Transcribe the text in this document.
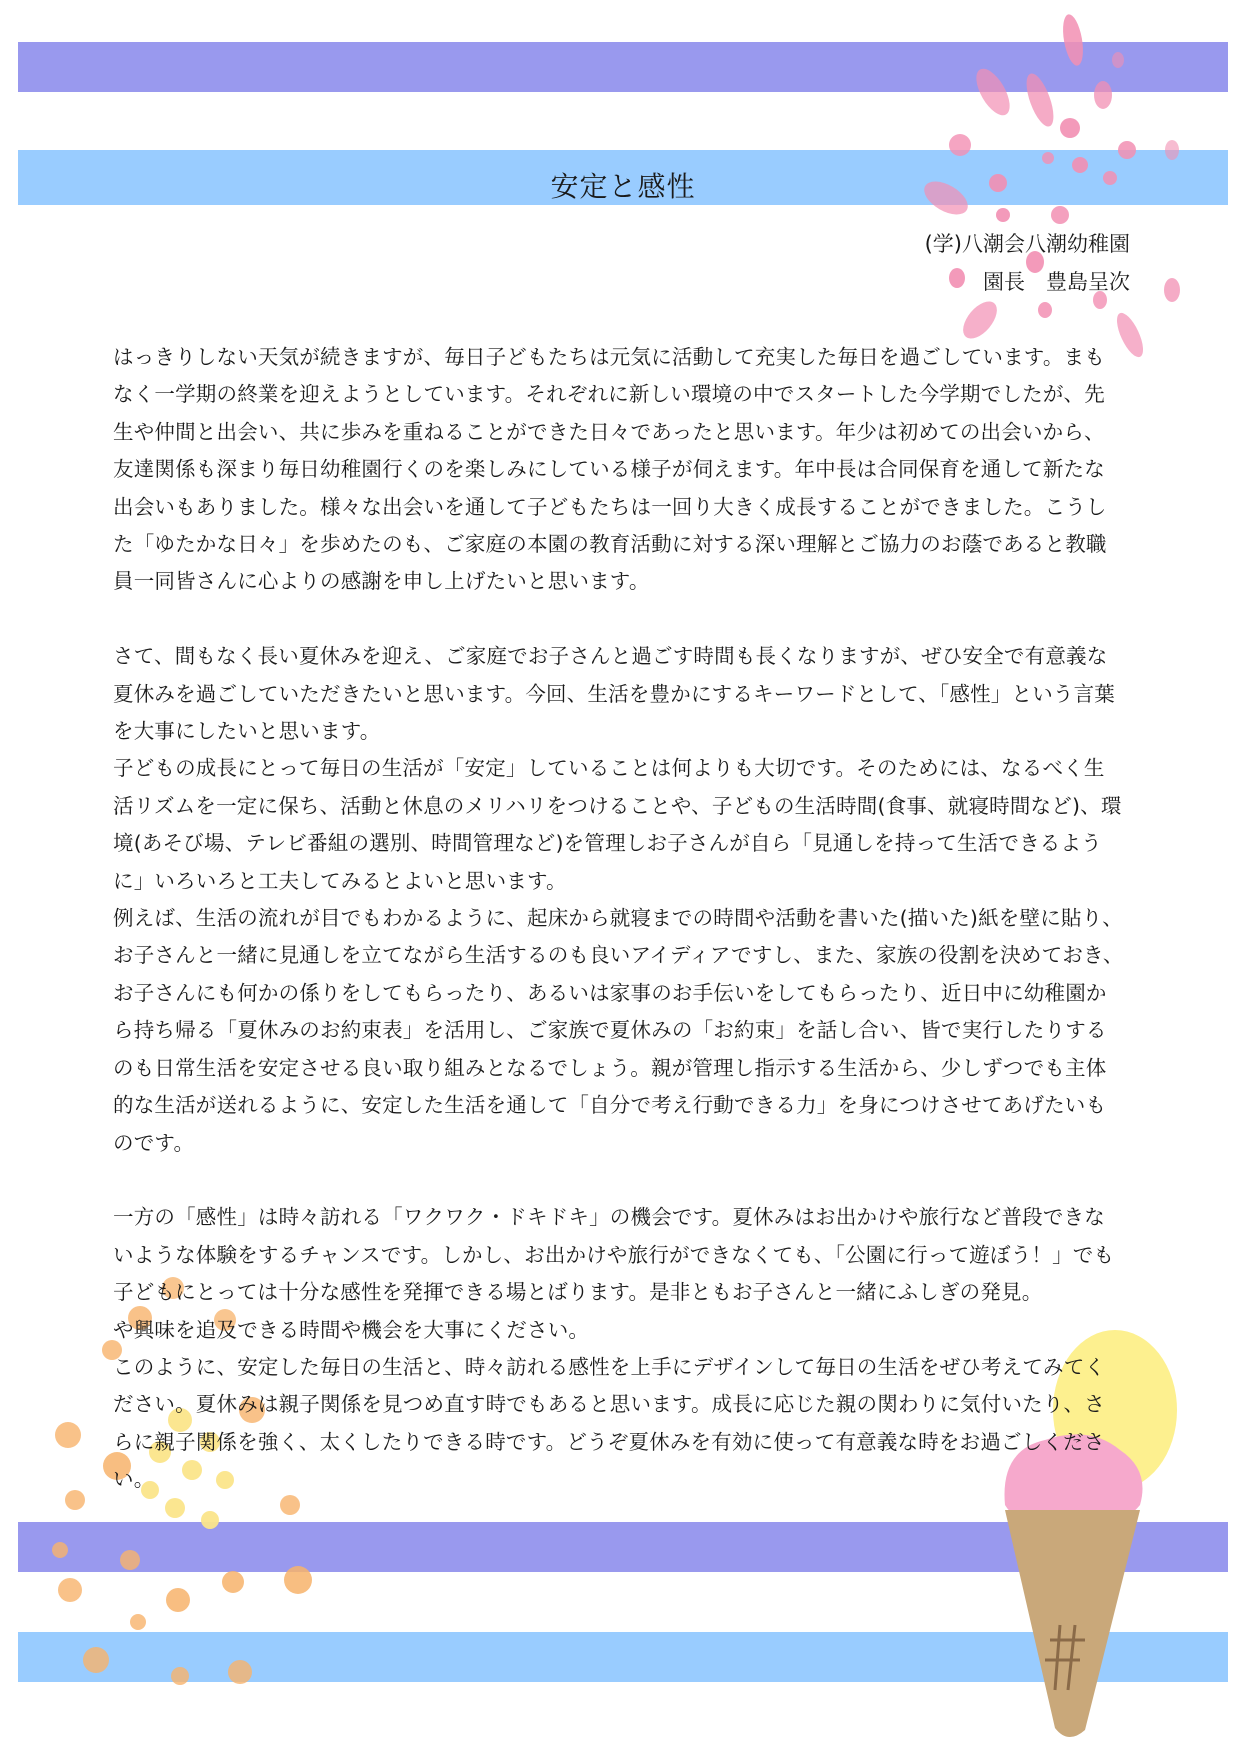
安定と感性
(学)八潮会八潮幼稚園
園長　豊島呈次

はっきりしない天気が続きますが、毎日子どもたちは元気に活動して充実した毎日を過ごしています。まもなく一学期の終業を迎えようとしています。それぞれに新しい環境の中でスタートした今学期でしたが、先生や仲間と出会い、共に歩みを重ねることができた日々であったと思います。年少は初めての出会いから、友達関係も深まり毎日幼稚園行くのを楽しみにしている様子が伺えます。年中長は合同保育を通して新たな出会いもありました。様々な出会いを通して子どもたちは一回り大きく成長することができました。こうした「ゆたかな日々」を歩めたのも、ご家庭の本園の教育活動に対する深い理解とご協力のお蔭であると教職員一同皆さんに心よりの感謝を申し上げたいと思います。

さて、間もなく長い夏休みを迎え、ご家庭でお子さんと過ごす時間も長くなりますが、ぜひ安全で有意義な夏休みを過ごしていただきたいと思います。今回、生活を豊かにするキーワードとして、「感性」という言葉を大事にしたいと思います。

子どもの成長にとって毎日の生活が「安定」していることは何よりも大切です。そのためには、なるべく生活リズムを一定に保ち、活動と休息のメリハリをつけることや、子どもの生活時間(食事、就寝時間など)、環境(あそび場、テレビ番組の選別、時間管理など)を管理しお子さんが自ら「見通しを持って生活できるように」いろいろと工夫してみるとよいと思います。

例えば、生活の流れが目でもわかるように、起床から就寝までの時間や活動を書いた(描いた)紙を壁に貼り、お子さんと一緒に見通しを立てながら生活するのも良いアイディアですし、また、家族の役割を決めておき、お子さんにも何かの係りをしてもらったり、あるいは家事のお手伝いをしてもらったり、近日中に幼稚園から持ち帰る「夏休みのお約束表」を活用し、ご家族で夏休みの「お約束」を話し合い、皆で実行したりするのも日常生活を安定させる良い取り組みとなるでしょう。親が管理し指示する生活から、少しずつでも主体的な生活が送れるように、安定した生活を通して「自分で考え行動できる力」を身につけさせてあげたいものです。

一方の「感性」は時々訪れる「ワクワク・ドキドキ」の機会です。夏休みはお出かけや旅行など普段できないような体験をするチャンスです。しかし、お出かけや旅行ができなくても、「公園に行って遊ぼう！」でも子どもにとっては十分な感性を発揮できる場とばります。是非ともお子さんと一緒にふしぎの発見。

や興味を追及できる時間や機会を大事にください。

このように、安定した毎日の生活と、時々訪れる感性を上手にデザインして毎日の生活をぜひ考えてみてください。夏休みは親子関係を見つめ直す時でもあると思います。成長に応じた親の関わりに気付いたり、さらに親子関係を強く、太くしたりできる時です。どうぞ夏休みを有効に使って有意義な時をお過ごしください。
